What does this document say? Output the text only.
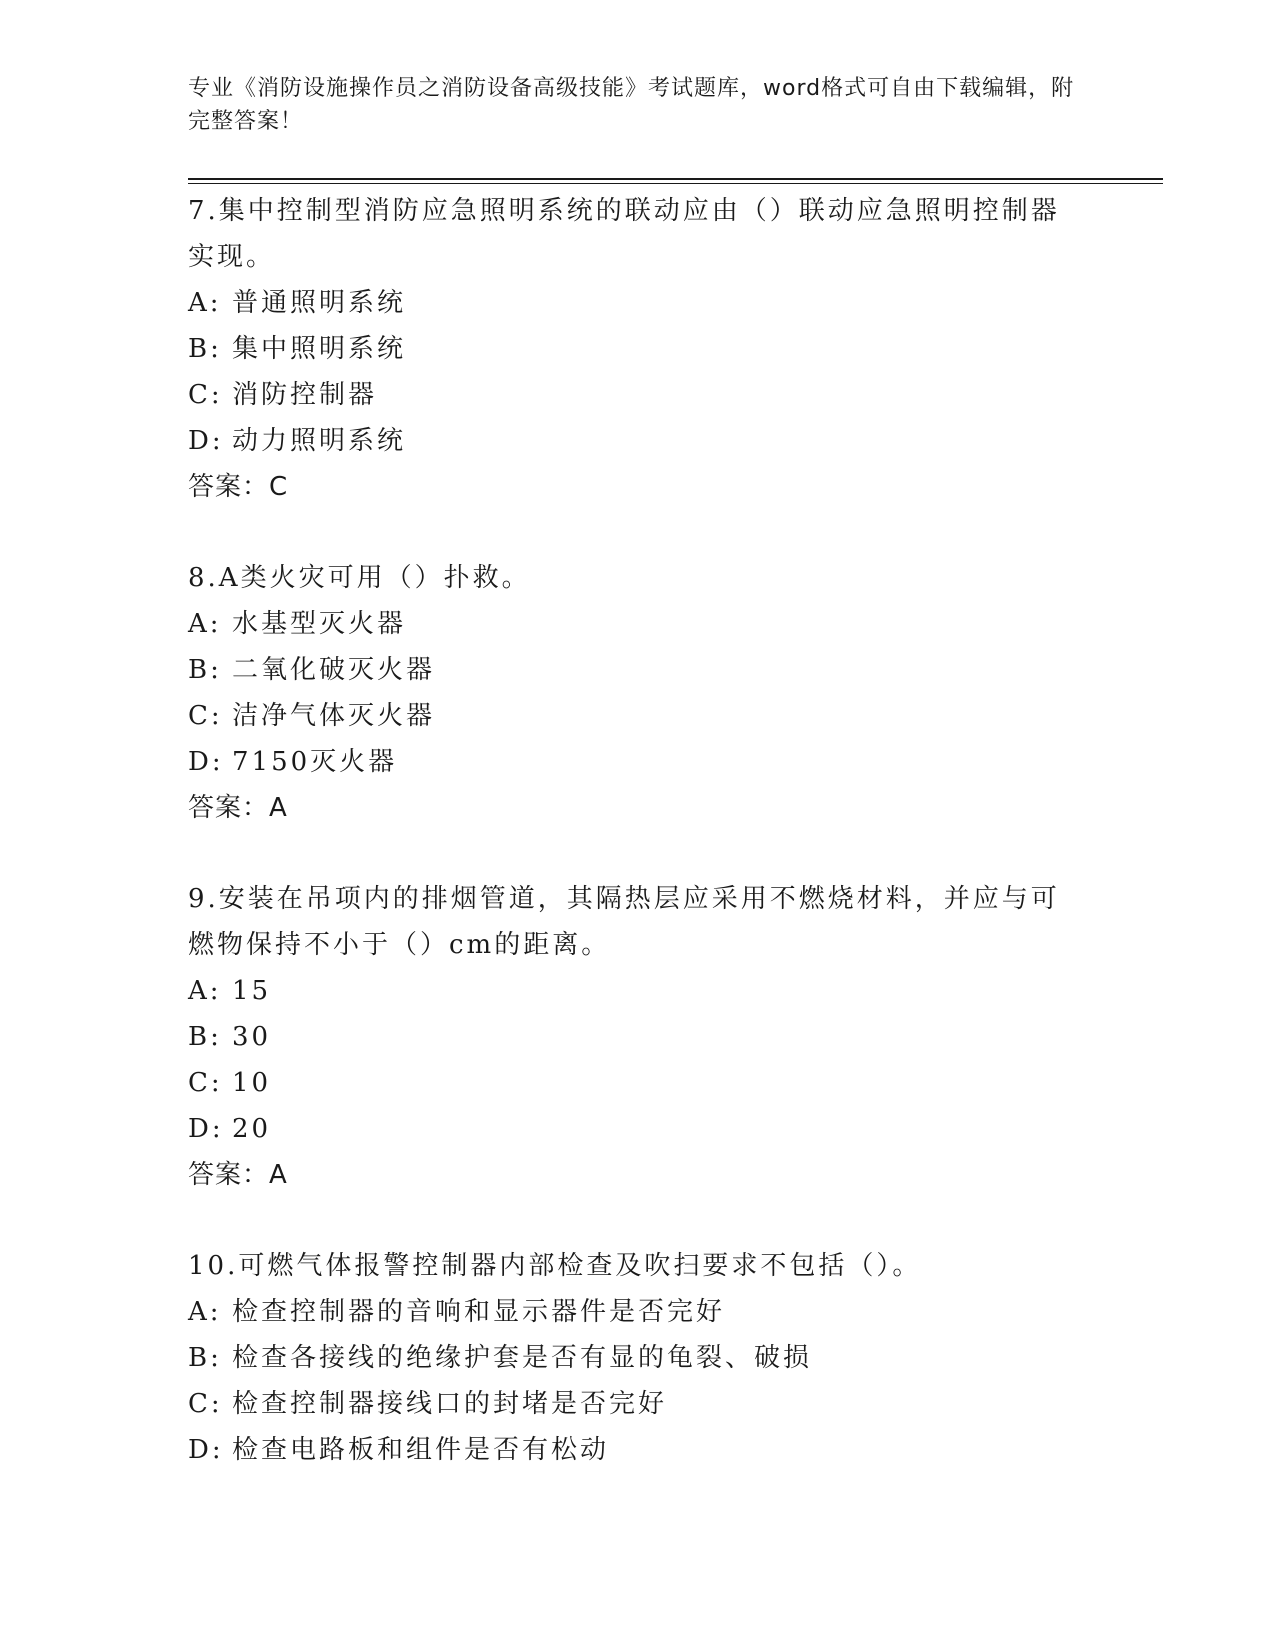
专业《消防设施操作员之消防设备高级技能》考试题库，word格式可自由下载编辑，附完整答案！
7.集中控制型消防应急照明系统的联动应由（）联动应急照明控制器实现。
A: 普通照明系统
B: 集中照明系统
C: 消防控制器
D: 动力照明系统
答案：C
8.A类火灾可用（）扑救。
A: 水基型灭火器
B: 二氧化破灭火器
C: 洁净气体灭火器
D: 7150灭火器
答案：A
9.安装在吊项内的排烟管道，其隔热层应采用不燃烧材料，并应与可燃物保持不小于（）cm的距离。
A: 15
B: 30
C: 10
D: 20
答案：A
10.可燃气体报警控制器内部检查及吹扫要求不包括（）。
A: 检查控制器的音响和显示器件是否完好
B: 检查各接线的绝缘护套是否有显的龟裂、破损
C: 检查控制器接线口的封堵是否完好
D: 检查电路板和组件是否有松动
